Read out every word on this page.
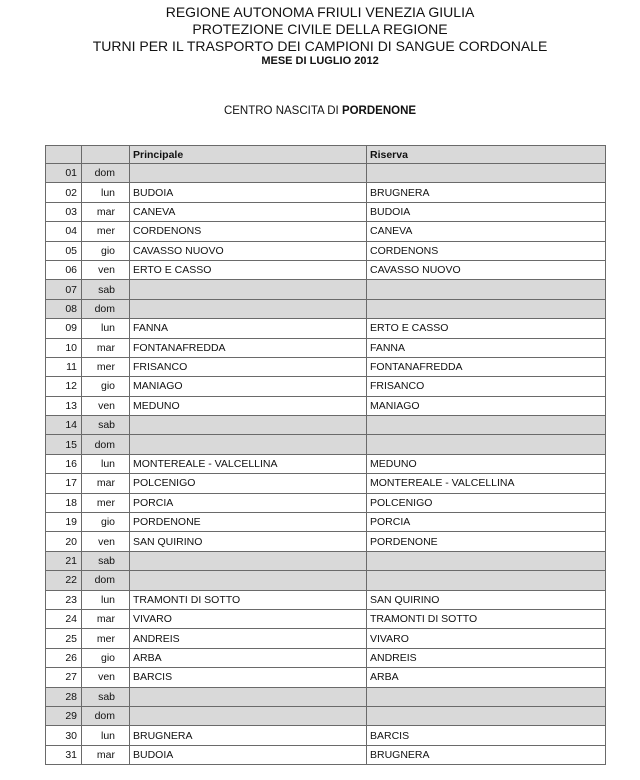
REGIONE AUTONOMA FRIULI VENEZIA GIULIA
PROTEZIONE CIVILE DELLA REGIONE
TURNI PER IL TRASPORTO DEI CAMPIONI DI SANGUE CORDONALE
MESE DI LUGLIO 2012
CENTRO NASCITA DI PORDENONE
		Principale	Riserva
01	dom		
02	lun	BUDOIA	BRUGNERA
03	mar	CANEVA	BUDOIA
04	mer	CORDENONS	CANEVA
05	gio	CAVASSO NUOVO	CORDENONS
06	ven	ERTO E CASSO	CAVASSO NUOVO
07	sab		
08	dom		
09	lun	FANNA	ERTO E CASSO
10	mar	FONTANAFREDDA	FANNA
11	mer	FRISANCO	FONTANAFREDDA
12	gio	MANIAGO	FRISANCO
13	ven	MEDUNO	MANIAGO
14	sab		
15	dom		
16	lun	MONTEREALE - VALCELLINA	MEDUNO
17	mar	POLCENIGO	MONTEREALE - VALCELLINA
18	mer	PORCIA	POLCENIGO
19	gio	PORDENONE	PORCIA
20	ven	SAN QUIRINO	PORDENONE
21	sab		
22	dom		
23	lun	TRAMONTI DI SOTTO	SAN QUIRINO
24	mar	VIVARO	TRAMONTI DI SOTTO
25	mer	ANDREIS	VIVARO
26	gio	ARBA	ANDREIS
27	ven	BARCIS	ARBA
28	sab		
29	dom		
30	lun	BRUGNERA	BARCIS
31	mar	BUDOIA	BRUGNERA
